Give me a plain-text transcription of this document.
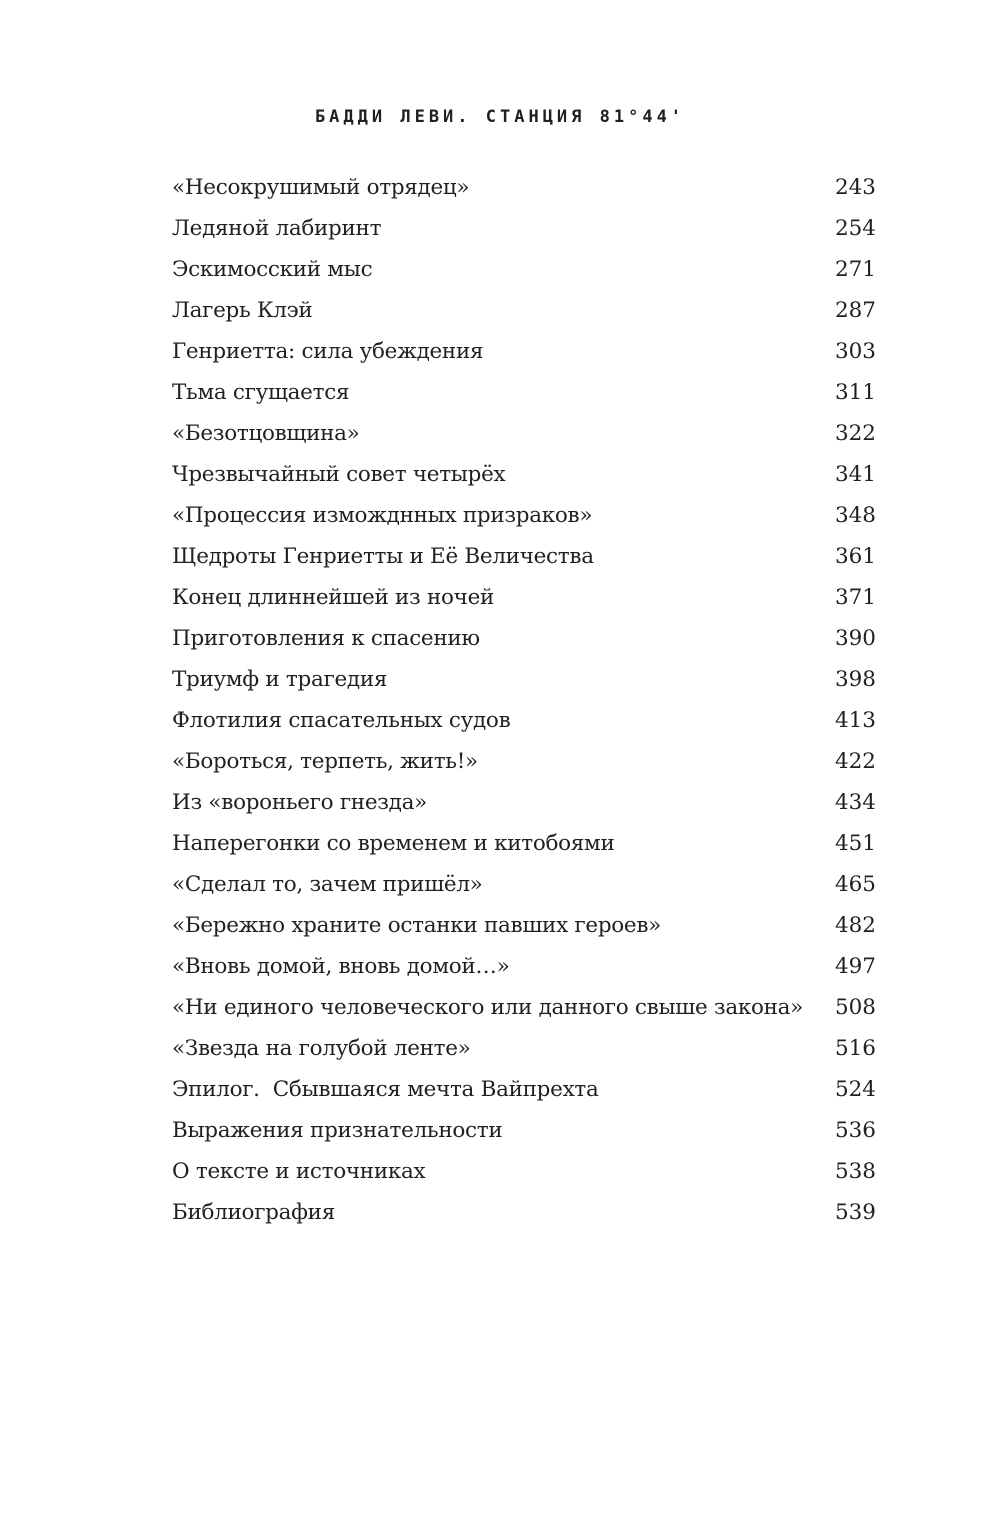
БАДДИ ЛЕВИ. СТАНЦИЯ 81°44'
«Несокрушимый отрядец»	243
Ледяной лабиринт	254
Эскимосский мыс	271
Лагерь Клэй	287
Генриетта: сила убеждения	303
Тьма сгущается	311
«Безотцовщина»	322
Чрезвычайный совет четырёх	341
«Процессия изможднных призраков»	348
Щедроты Генриетты и Её Величества	361
Конец длиннейшей из ночей	371
Приготовления к спасению	390
Триумф и трагедия	398
Флотилия спасательных судов	413
«Бороться, терпеть, жить!»	422
Из «вороньего гнезда»	434
Наперегонки со временем и китобоями	451
«Сделал то, зачем пришёл»	465
«Бережно храните останки павших героев»	482
«Вновь домой, вновь домой…»	497
«Ни единого человеческого или данного свыше закона»	508
«Звезда на голубой ленте»	516
Эпилог.  Сбывшаяся мечта Вайпрехта	524
Выражения признательности	536
О тексте и источниках	538
Библиография	539
